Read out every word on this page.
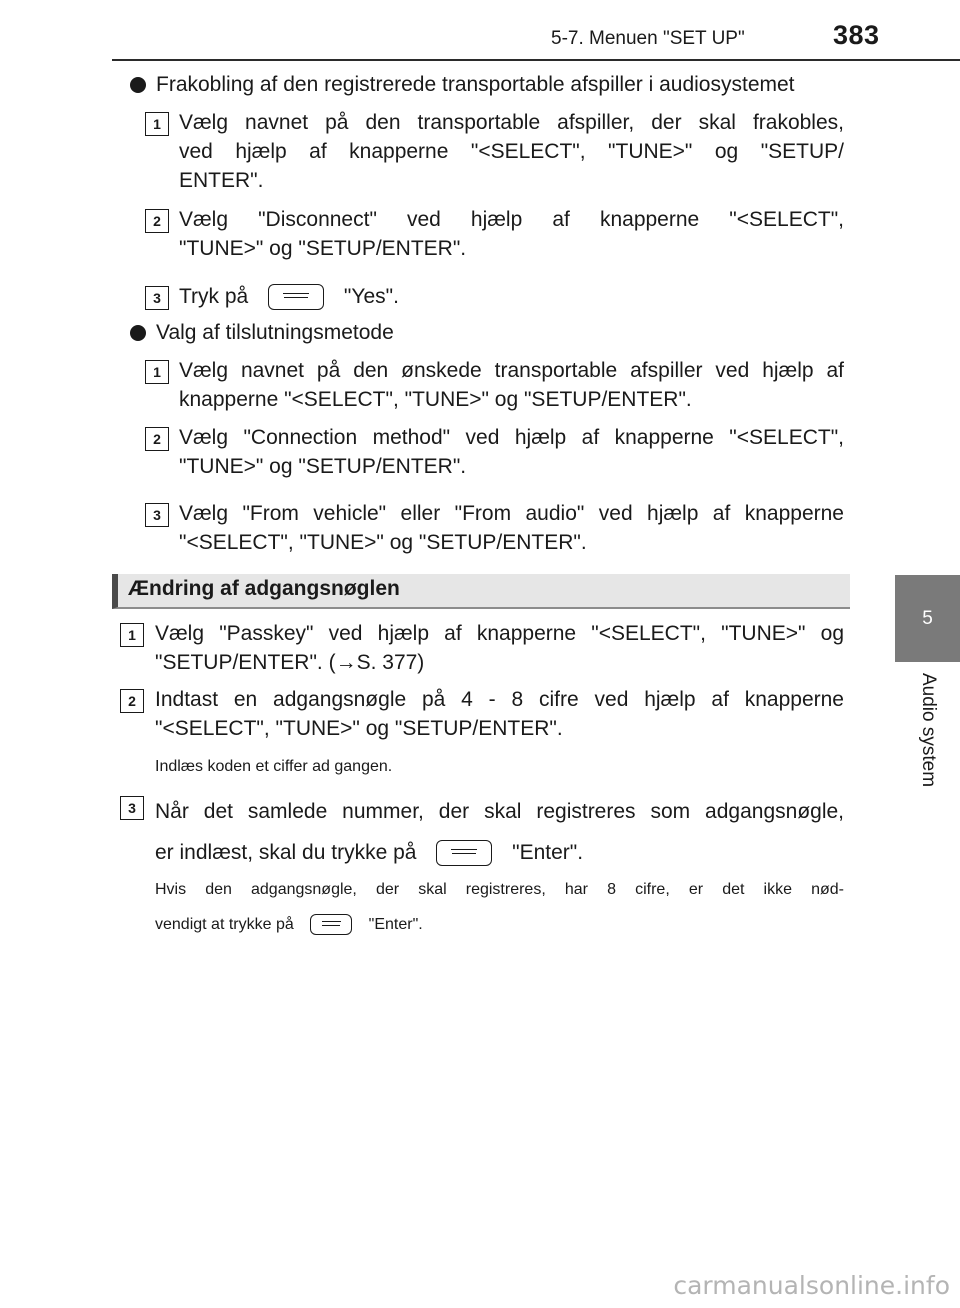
5-7. Menuen "SET UP"	383
5
Audio system
Frakobling af den registrerede transportable afspiller i audiosystemet
1 Vælg navnet på den transportable afspiller, der skal frakobles,
ved hjælp af knapperne "<SELECT", "TUNE>" og "SETUP/
ENTER".
2 Vælg "Disconnect" ved hjælp af knapperne "<SELECT",
"TUNE>" og "SETUP/ENTER".
3 Tryk på	"Yes".
Valg af tilslutningsmetode
1 Vælg navnet på den ønskede transportable afspiller ved hjælp af
knapperne "<SELECT", "TUNE>" og "SETUP/ENTER".
2 Vælg "Connection method" ved hjælp af knapperne "<SELECT",
"TUNE>" og "SETUP/ENTER".
3 Vælg "From vehicle" eller "From audio" ved hjælp af knapperne
"<SELECT", "TUNE>" og "SETUP/ENTER".
Ændring af adgangsnøglen
1 Vælg "Passkey" ved hjælp af knapperne "<SELECT", "TUNE>" og
"SETUP/ENTER". (→S. 377)
2 Indtast en adgangsnøgle på 4 - 8 cifre ved hjælp af knapperne
"<SELECT", "TUNE>" og "SETUP/ENTER".
Indlæs koden et ciffer ad gangen.
3 Når det samlede nummer, der skal registreres som adgangsnøgle,
er indlæst, skal du trykke på	"Enter".
Hvis den adgangsnøgle, der skal registreres, har 8 cifre, er det ikke nød-
vendigt at trykke på	"Enter".
carmanualsonline.info
